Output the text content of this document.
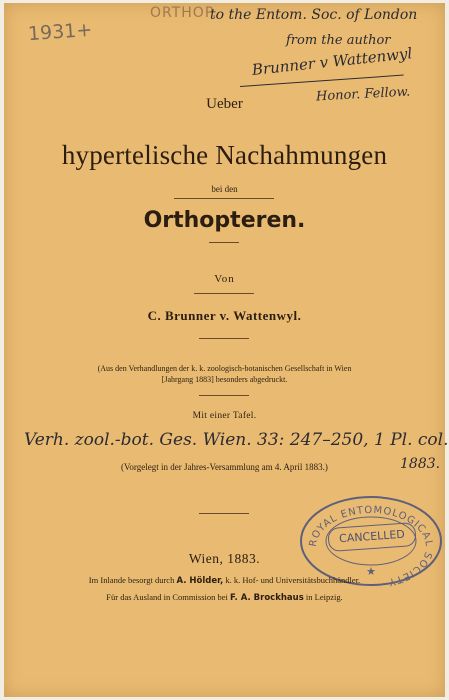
ORTHOP.
1931+
to the Entom. Soc. of London
from the author
Brunner v Wattenwyl
Honor. Fellow.
Ueber
hypertelische Nachahmungen
bei den
Orthopteren.
Von
C. Brunner v. Wattenwyl.
(Aus den Verhandlungen der k. k. zoologisch-botanischen Gesellschaft in Wien
[Jahrgang 1883] besonders abgedruckt.
Mit einer Tafel.
Verh. zool.-bot. Ges. Wien. 33: 247–250, 1 Pl. col.
1883.
(Vorgelegt in der Jahres-Versammlung am 4. April 1883.)
ROYAL ENTOMOLOGICAL SOCIETY
★
CANCELLED
Wien, 1883.
Im Inlande besorgt durch A. Hölder, k. k. Hof- und Universitätsbuchhändler.
Für das Ausland in Commission bei F. A. Brockhaus in Leipzig.
